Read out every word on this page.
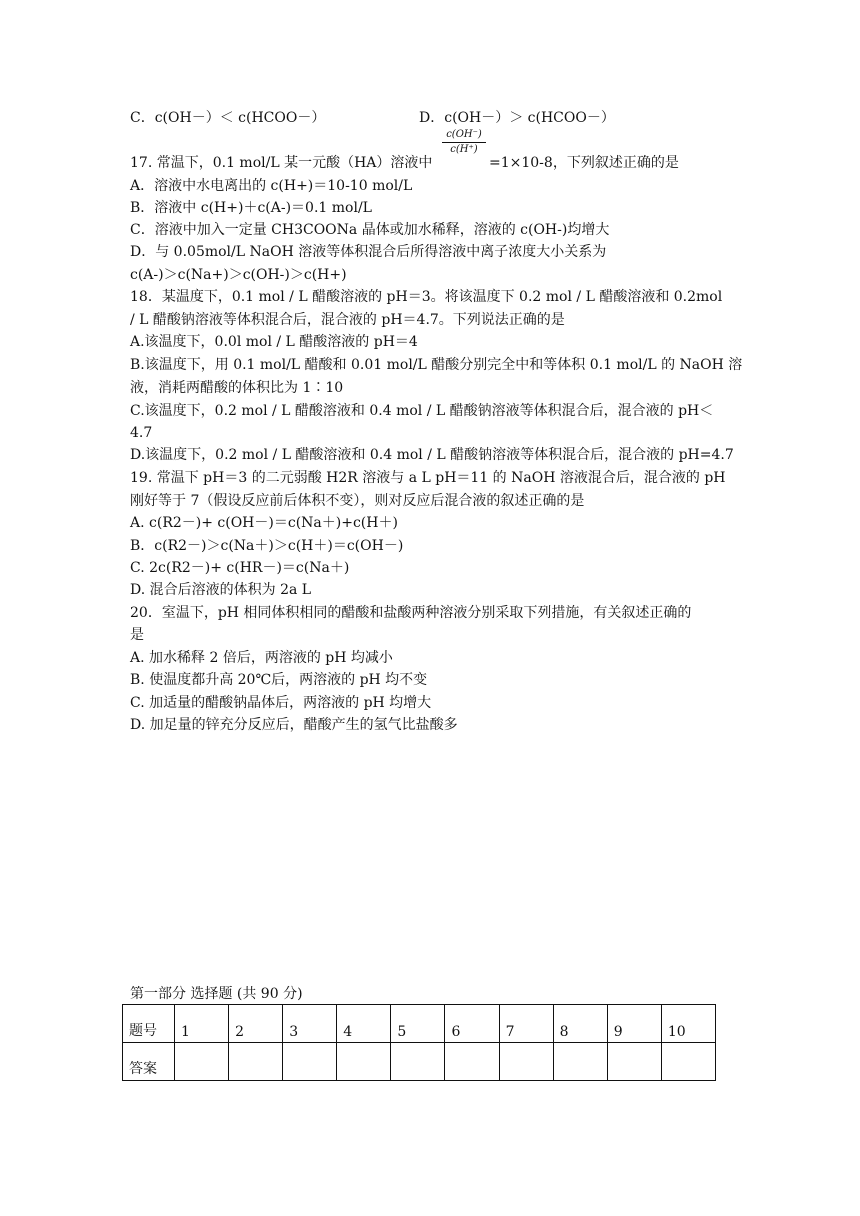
C．c(OH－）＜ c(HCOO－）	D．c(OH－）＞ c(HCOO－）
$\frac{c(OH^-)}{c(H^+)}$
17. 常温下，0.1 mol/L 某一元酸（HA）溶液中	=1×10-8，下列叙述正确的是
A．溶液中水电离出的 c(H+)＝10-10 mol/L
B．溶液中 c(H+)＋c(A-)＝0.1 mol/L
C．溶液中加入一定量 CH3COONa 晶体或加水稀释，溶液的 c(OH-)均增大
D．与 0.05mol/L NaOH 溶液等体积混合后所得溶液中离子浓度大小关系为
c(A-)＞c(Na+)＞c(OH-)＞c(H+)
18．某温度下，0.1 mol / L 醋酸溶液的 pH＝3。将该温度下 0.2 mol / L 醋酸溶液和 0.2mol
/ L 醋酸钠溶液等体积混合后，混合液的 pH＝4.7。下列说法正确的是
A.该温度下，0.0l mol / L 醋酸溶液的 pH＝4
B.该温度下，用 0.1 mol/L 醋酸和 0.01 mol/L 醋酸分别完全中和等体积 0.1 mol/L 的 NaOH 溶
液，消耗两醋酸的体积比为 1∶10
C.该温度下，0.2 mol / L 醋酸溶液和 0.4 mol / L 醋酸钠溶液等体积混合后，混合液的 pH＜
4.7
D.该温度下，0.2 mol / L 醋酸溶液和 0.4 mol / L 醋酸钠溶液等体积混合后，混合液的 pH=4.7
19. 常温下 pH＝3 的二元弱酸 H2R 溶液与 a L pH＝11 的 NaOH 溶液混合后，混合液的 pH
刚好等于 7（假设反应前后体积不变），则对反应后混合液的叙述正确的是
A. c(R2－)+ c(OH－)＝c(Na＋)+c(H＋)
B．c(R2－)＞c(Na＋)＞c(H＋)＝c(OH－)
C. 2c(R2－)+ c(HR－)＝c(Na＋)
D. 混合后溶液的体积为 2a L
20．室温下，pH 相同体积相同的醋酸和盐酸两种溶液分别采取下列措施，有关叙述正确的
是
A. 加水稀释 2 倍后，两溶液的 pH 均减小
B. 使温度都升高 20℃后，两溶液的 pH 均不变
C. 加适量的醋酸钠晶体后，两溶液的 pH 均增大
D. 加足量的锌充分反应后，醋酸产生的氢气比盐酸多
第一部分 选择题 (共 90 分)
题号	1	2	3	4	5	6	7	8	9	10
答案										
